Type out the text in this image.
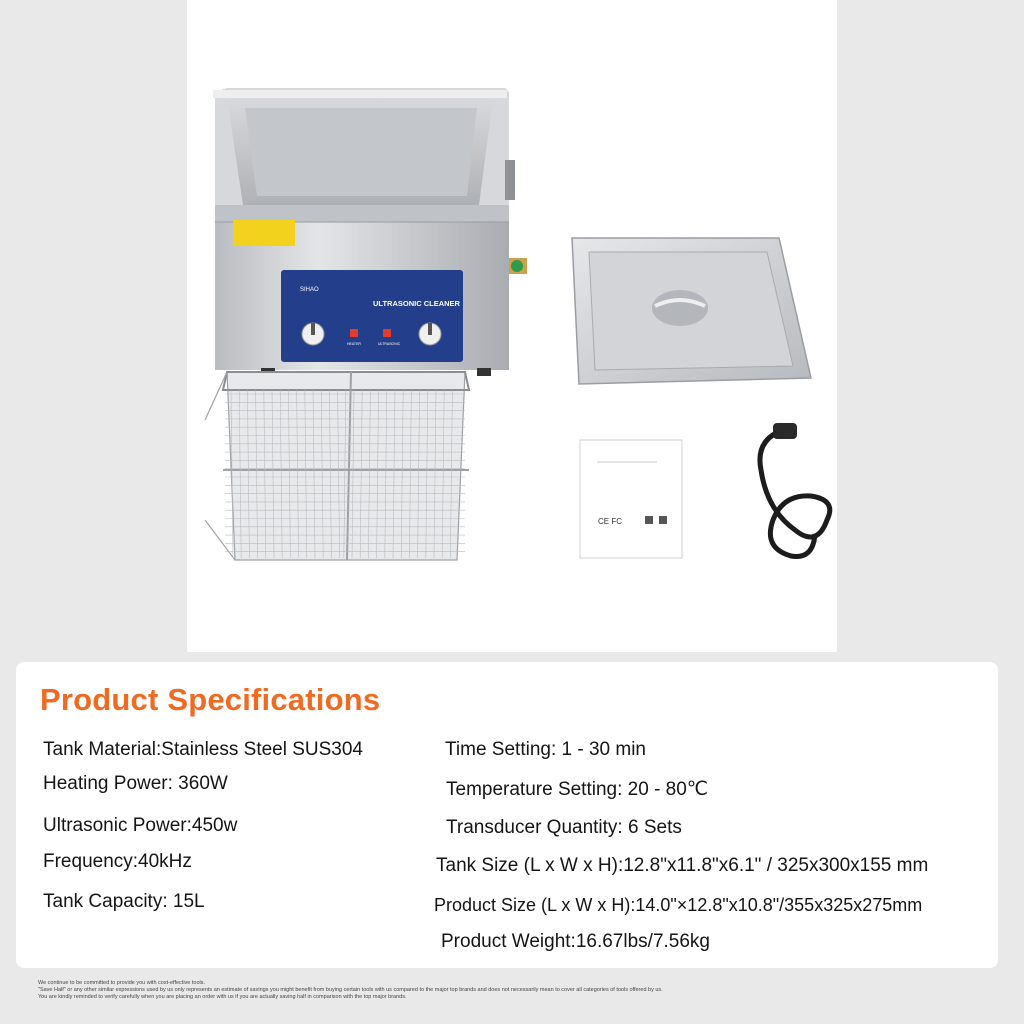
SIHAO
ULTRASONIC CLEANER
HEATER	ULTRASONIC
CE FC
Product Specifications
Tank Material:Stainless Steel SUS304
Heating Power: 360W
Ultrasonic Power:450w
Frequency:40kHz
Tank Capacity: 15L
Time Setting: 1 - 30 min
Temperature Setting: 20 - 80℃
Transducer Quantity: 6 Sets
Tank Size (L x W x H):12.8"x11.8"x6.1" / 325x300x155 mm
Product Size (L x W x H):14.0"×12.8"x10.8"/355x325x275mm
Product Weight:16.67lbs/7.56kg
We continue to be committed to provide you with cost-effective tools.
"Save Half" or any other similar expressions used by us only represents an estimate of savings you might benefit from buying certain tools with us compared to the major top brands and does not necessarily mean to cover all categories of tools offered by us.
You are kindly reminded to verify carefully when you are placing an order with us if you are actually saving half in comparison with the top major brands.
